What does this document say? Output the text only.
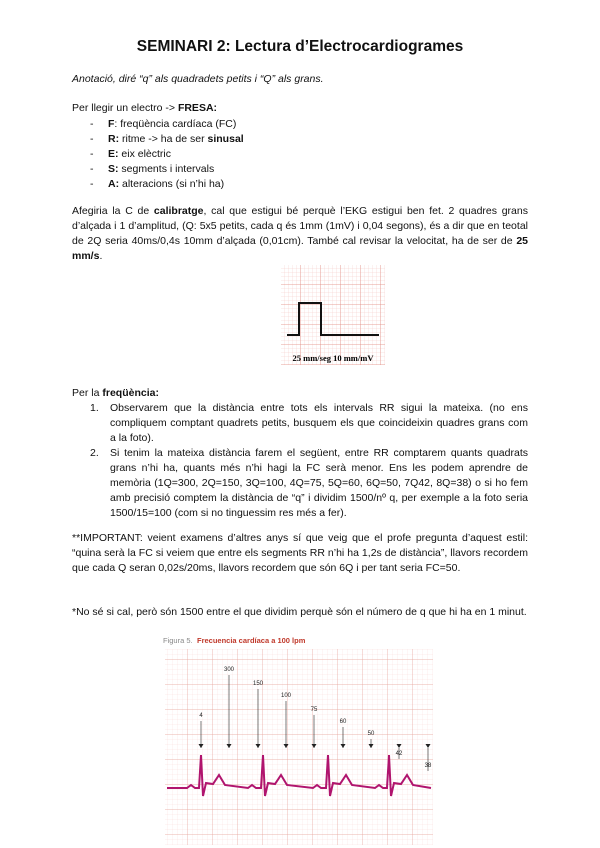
SEMINARI 2: Lectura d’Electrocardiogrames
Anotació, diré “q” als quadradets petits i “Q” als grans.
Per llegir un electro -> FRESA:
- F: freqüència cardíaca (FC)
- R: ritme -> ha de ser sinusal
- E: eix elèctric
- S: segments i intervals
- A: alteracions (si n’hi ha)
Afegiria la C de calibratge, cal que estigui bé perquè l’EKG estigui ben fet. 2 quadres grans d’alçada i 1 d’amplitud, (Q: 5x5 petits, cada q és 1mm (1mV) i 0,04 segons), és a dir que en teotal de 2Q seria 40ms/0,4s 10mm d’alçada (0,01cm). També cal revisar la velocitat, ha de ser de 25 mm/s.
25 mm/seg 10 mm/mV
Per la freqüència:
1. Observarem que la distància entre tots els intervals RR sigui la mateixa. (no ens compliquem comptant quadrets petits, busquem els que coincideixin quadres grans com a la foto).
2. Si tenim la mateixa distància farem el següent, entre RR comptarem quants quadrats grans n’hi ha, quants més n’hi hagi la FC serà menor. Ens les podem aprendre de memòria (1Q=300, 2Q=150, 3Q=100, 4Q=75, 5Q=60, 6Q=50, 7Q42, 8Q=38) o si ho fem amb precisió comptem la distància de “q” i dividim 1500/nº q, per exemple a la foto seria 1500/15=100 (com si no tinguessim res més a fer).
**IMPORTANT: veient examens d’altres anys sí que veig que el profe pregunta d’aquest estil: “quina serà la FC si veiem que entre els segments RR n’hi ha 1,2s de distància”, llavors recordem que cada Q seran 0,02s/20ms, llavors recordem que són 6Q i per tant seria FC=50.
*No sé si cal, però són 1500 entre el que dividim perquè són el número de q que hi ha en 1 minut.
Figura 5. Frecuencia cardíaca a 100 lpm
4
300
150
100
75
60
50
42
38
